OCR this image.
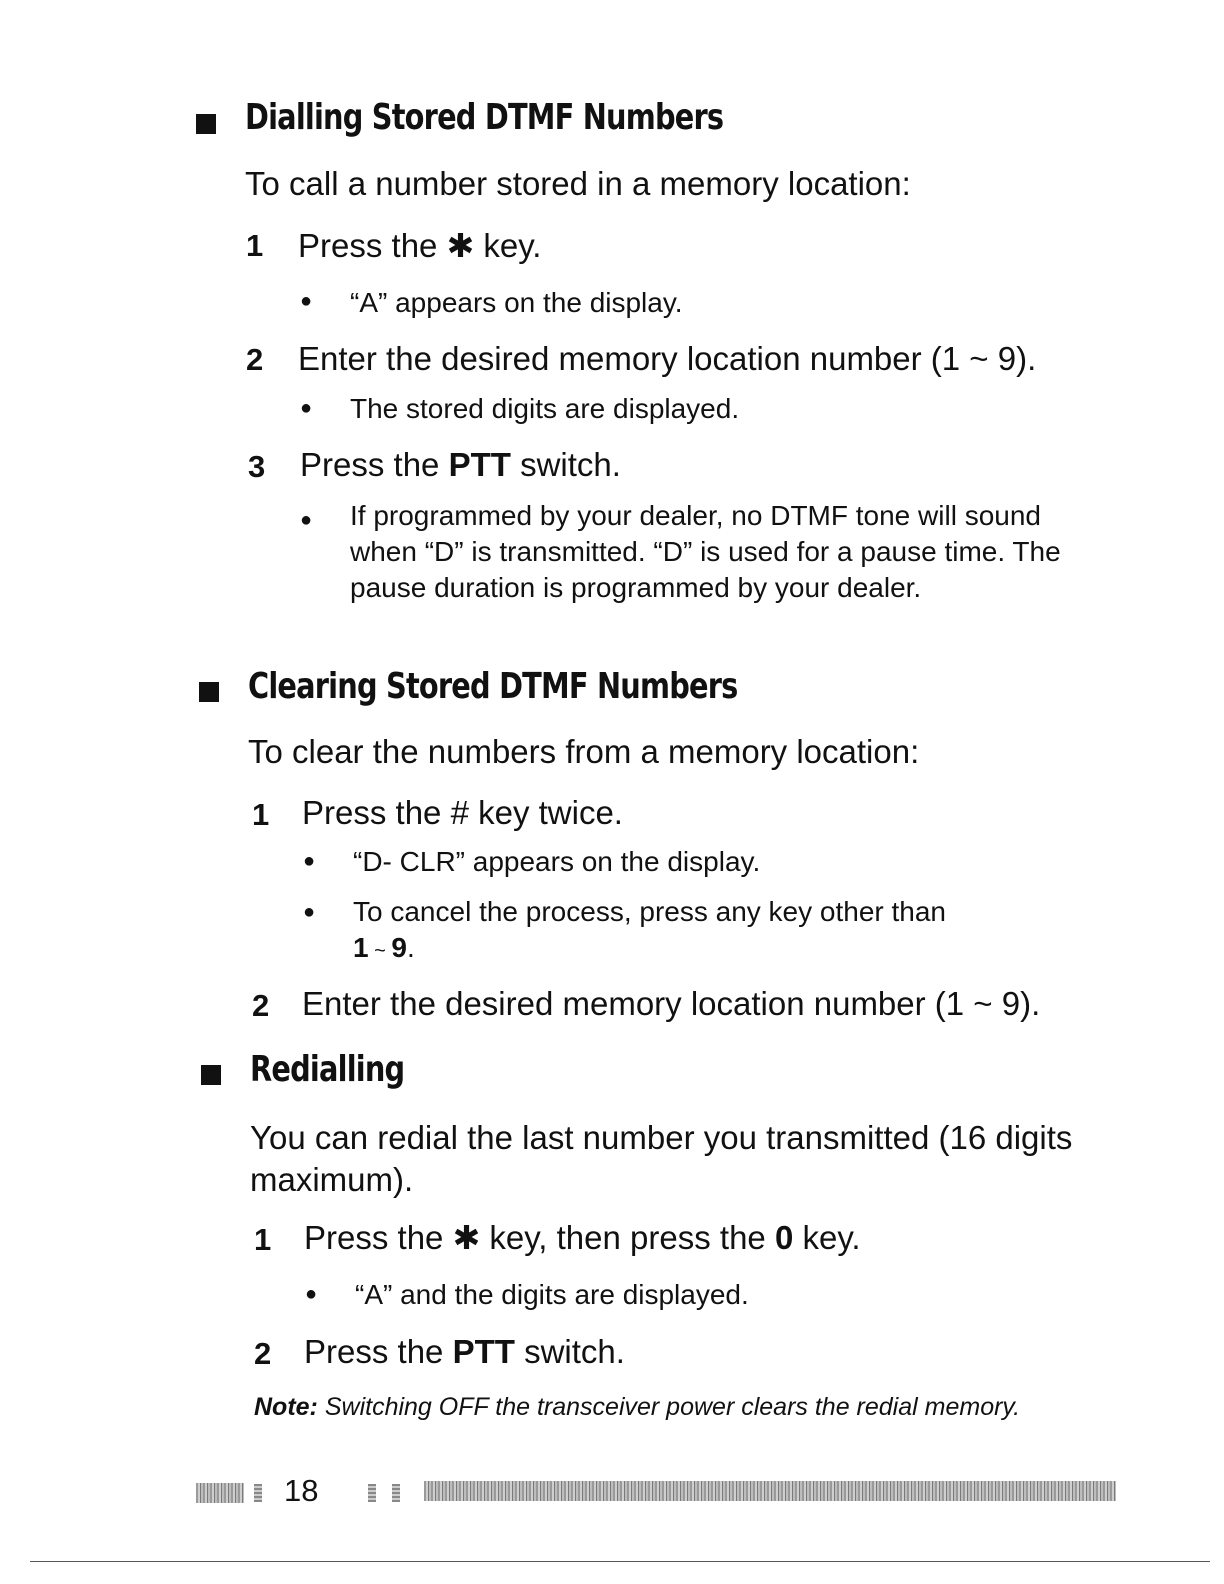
Dialling Stored DTMF Numbers
To call a number stored in a memory location:
1 Press the ✱ key.
● “A” appears on the display.
2 Enter the desired memory location number (1 ~ 9).
● The stored digits are displayed.
3 Press the PTT switch.
● If programmed by your dealer, no DTMF tone will sound when “D” is transmitted. “D” is used for a pause time. The pause duration is programmed by your dealer.
Clearing Stored DTMF Numbers
To clear the numbers from a memory location:
1 Press the # key twice.
● “D- CLR” appears on the display.
● To cancel the process, press any key other than
1 ~ 9.
2 Enter the desired memory location number (1 ~ 9).
Redialling
You can redial the last number you transmitted (16 digits maximum).
1 Press the ✱ key, then press the 0 key.
● “A” and the digits are displayed.
2 Press the PTT switch.
Note: Switching OFF the transceiver power clears the redial memory.
18
